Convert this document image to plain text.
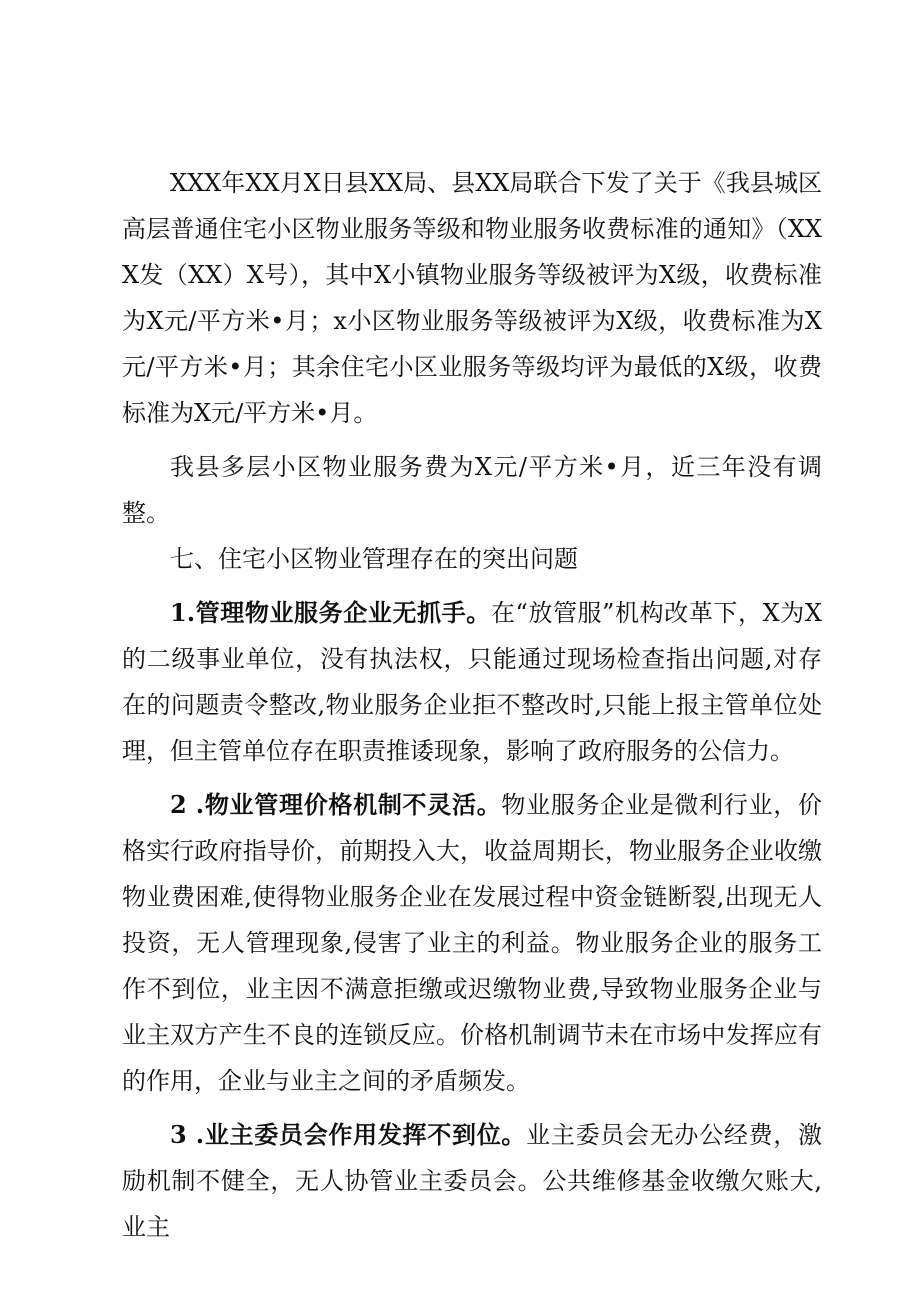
XXX年XX月X日县XX局、县XX局联合下发了关于《我县城区高层普通住宅小区物业服务等级和物业服务收费标准的通知》（XXX发（XX）X号），其中X小镇物业服务等级被评为X级，收费标准为X元/平方米•月；x小区物业服务等级被评为X级，收费标准为X元/平方米•月；其余住宅小区业服务等级均评为最低的X级，收费标准为X元/平方米•月。

我县多层小区物业服务费为X元/平方米•月，近三年没有调整。

七、住宅小区物业管理存在的突出问题

1.管理物业服务企业无抓手。在“放管服”机构改革下，X为X的二级事业单位，没有执法权，只能通过现场检查指出问题,对存在的问题责令整改,物业服务企业拒不整改时,只能上报主管单位处理，但主管单位存在职责推诿现象，影响了政府服务的公信力。

2 .物业管理价格机制不灵活。物业服务企业是微利行业，价格实行政府指导价，前期投入大，收益周期长，物业服务企业收缴物业费困难,使得物业服务企业在发展过程中资金链断裂,出现无人投资，无人管理现象,侵害了业主的利益。物业服务企业的服务工作不到位，业主因不满意拒缴或迟缴物业费,导致物业服务企业与业主双方产生不良的连锁反应。价格机制调节未在市场中发挥应有的作用，企业与业主之间的矛盾频发。

3 .业主委员会作用发挥不到位。业主委员会无办公经费，激励机制不健全，无人协管业主委员会。公共维修基金收缴欠账大,业主
